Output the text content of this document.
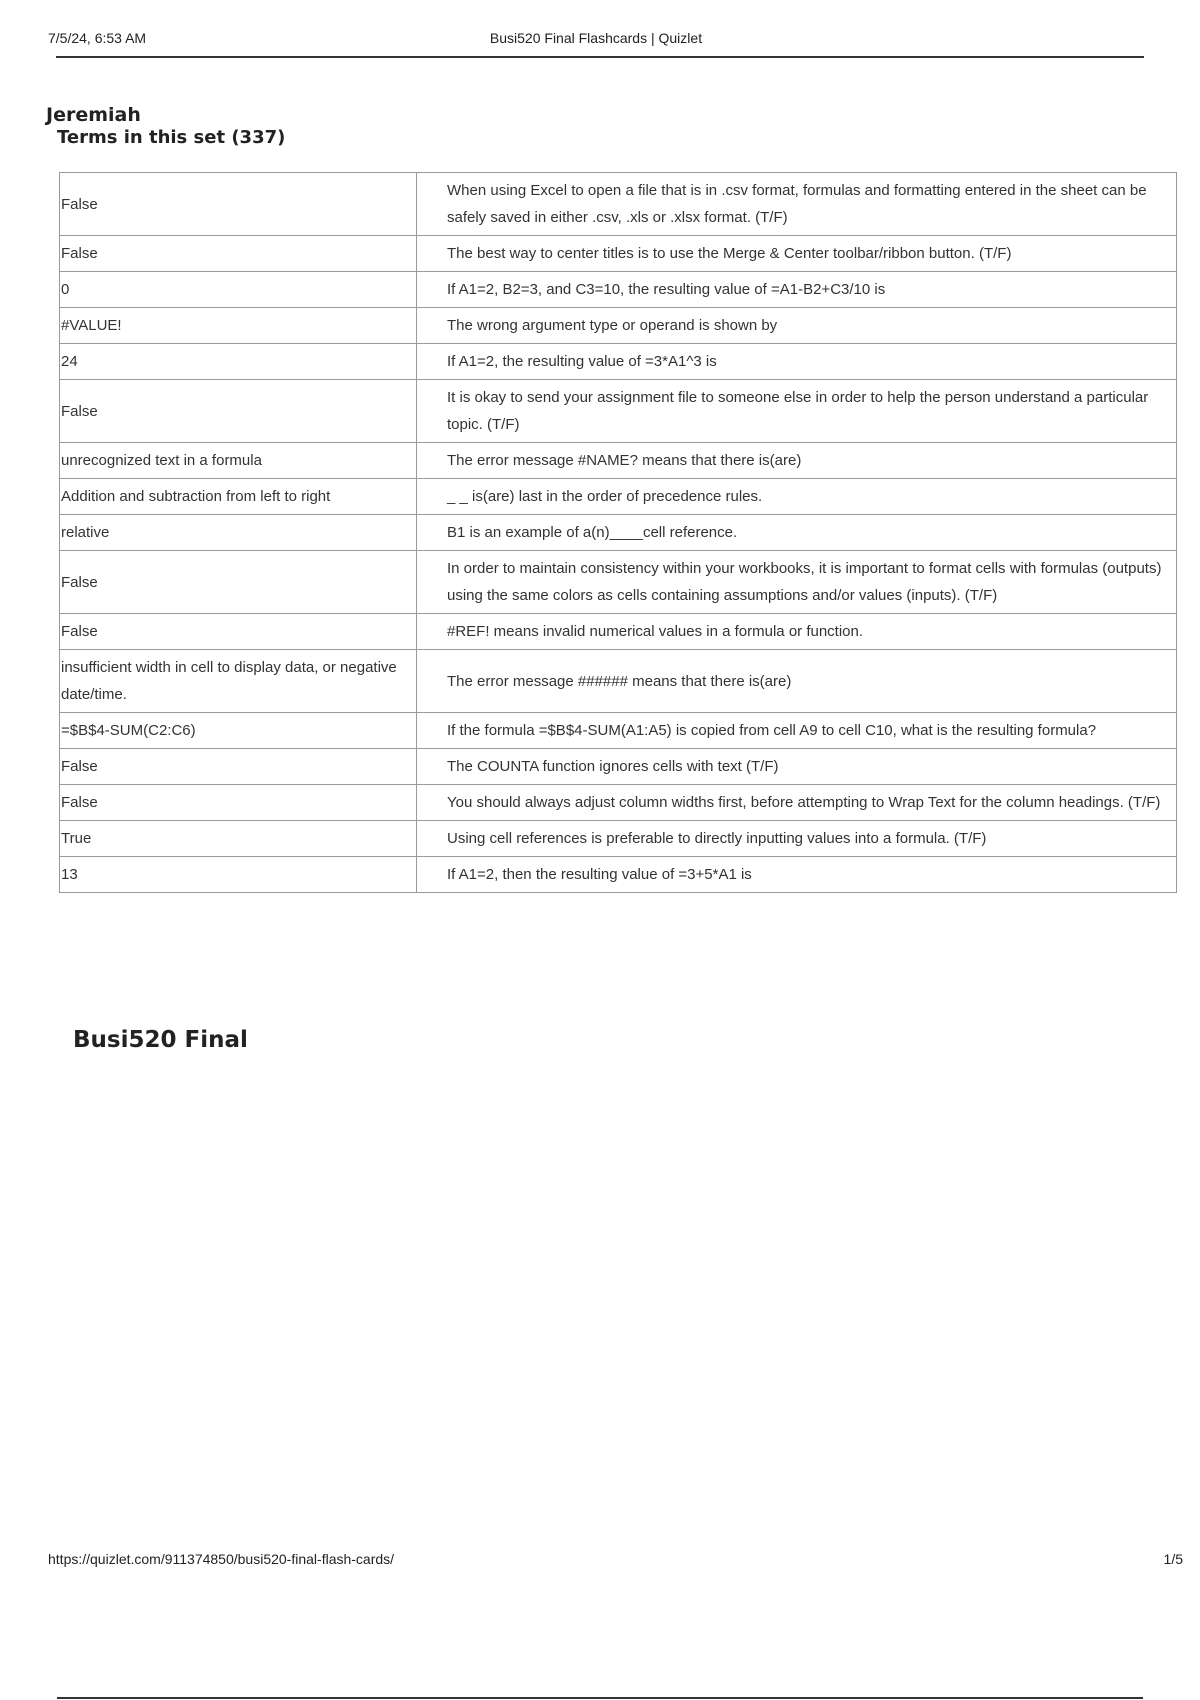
7/5/24, 6:53 AM	Busi520 Final Flashcards | Quizlet
Jeremiah
Terms in this set (337)
False	When using Excel to open a file that is in .csv format, formulas and formatting entered in the sheet can be safely saved in either .csv, .xls or .xlsx format. (T/F)
False	The best way to center titles is to use the Merge & Center toolbar/ribbon button. (T/F)
0	If A1=2, B2=3, and C3=10, the resulting value of =A1-B2+C3/10 is
#VALUE!	The wrong argument type or operand is shown by
24	If A1=2, the resulting value of =3*A1^3 is
False	It is okay to send your assignment file to someone else in order to help the person understand a particular topic. (T/F)
unrecognized text in a formula	The error message #NAME? means that there is(are)
Addition and subtraction from left to right	_ _ is(are) last in the order of precedence rules.
relative	B1 is an example of a(n)____cell reference.
False	In order to maintain consistency within your workbooks, it is important to format cells with formulas (outputs) using the same colors as cells containing assumptions and/or values (inputs). (T/F)
False	#REF! means invalid numerical values in a formula or function.
insufficient width in cell to display data, or negative date/time.	The error message ###### means that there is(are)
=$B$4-SUM(C2:C6)	If the formula =$B$4-SUM(A1:A5) is copied from cell A9 to cell C10, what is the resulting formula?
False	The COUNTA function ignores cells with text (T/F)
False	You should always adjust column widths first, before attempting to Wrap Text for the column headings. (T/F)
True	Using cell references is preferable to directly inputting values into a formula. (T/F)
13	If A1=2, then the resulting value of =3+5*A1 is
Busi520 Final
https://quizlet.com/911374850/busi520-final-flash-cards/	1/5
